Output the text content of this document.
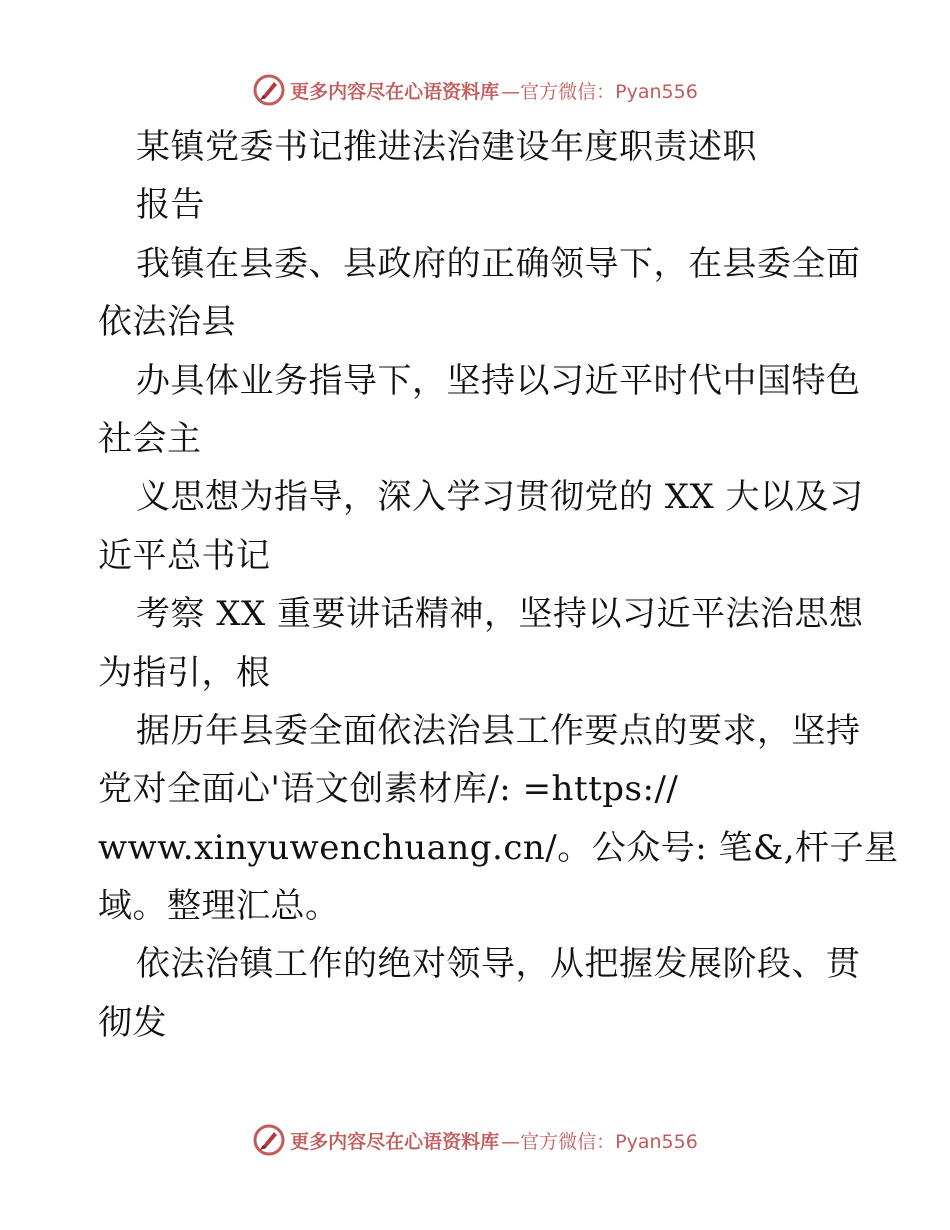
更多内容尽在心语资料库 —官方微信：Pyan556
某镇党委书记推进法治建设年度职责述职
报告
我镇在县委、县政府的正确领导下，在县委全面
依法治县
办具体业务指导下，坚持以习近平时代中国特色
社会主
义思想为指导，深入学习贯彻党的 XX 大以及习
近平总书记
考察 XX 重要讲话精神，坚持以习近平法治思想
为指引，根
据历年县委全面依法治县工作要点的要求，坚持
党对全面心'语文创素材库/: =https://
www.xinyuwenchuang.cn/。公众号: 笔&,杆子星
域。整理汇总。
依法治镇工作的绝对领导，从把握发展阶段、贯
彻发
更多内容尽在心语资料库 —官方微信：Pyan556
